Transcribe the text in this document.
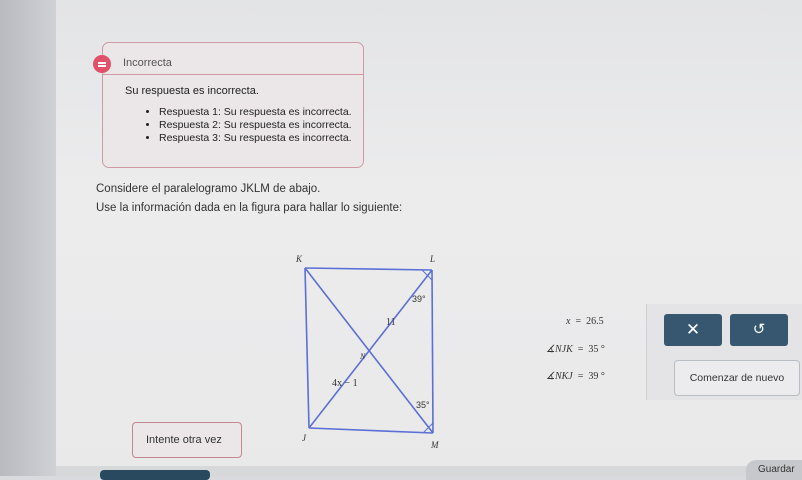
Incorrecta
Su respuesta es incorrecta.
• Respuesta 1: Su respuesta es incorrecta.
• Respuesta 2: Su respuesta es incorrecta.
• Respuesta 3: Su respuesta es incorrecta.
Considere el paralelogramo JKLM de abajo.
Use la información dada en la figura para hallar lo siguiente:
K	L
J
M
N
39°
35°
11
4x − 1
x  =  26.5
∡NJK  =  35 °
∡NKJ  =  39 °
✕	↺
Comenzar de nuevo
Intente otra vez
Guardar
